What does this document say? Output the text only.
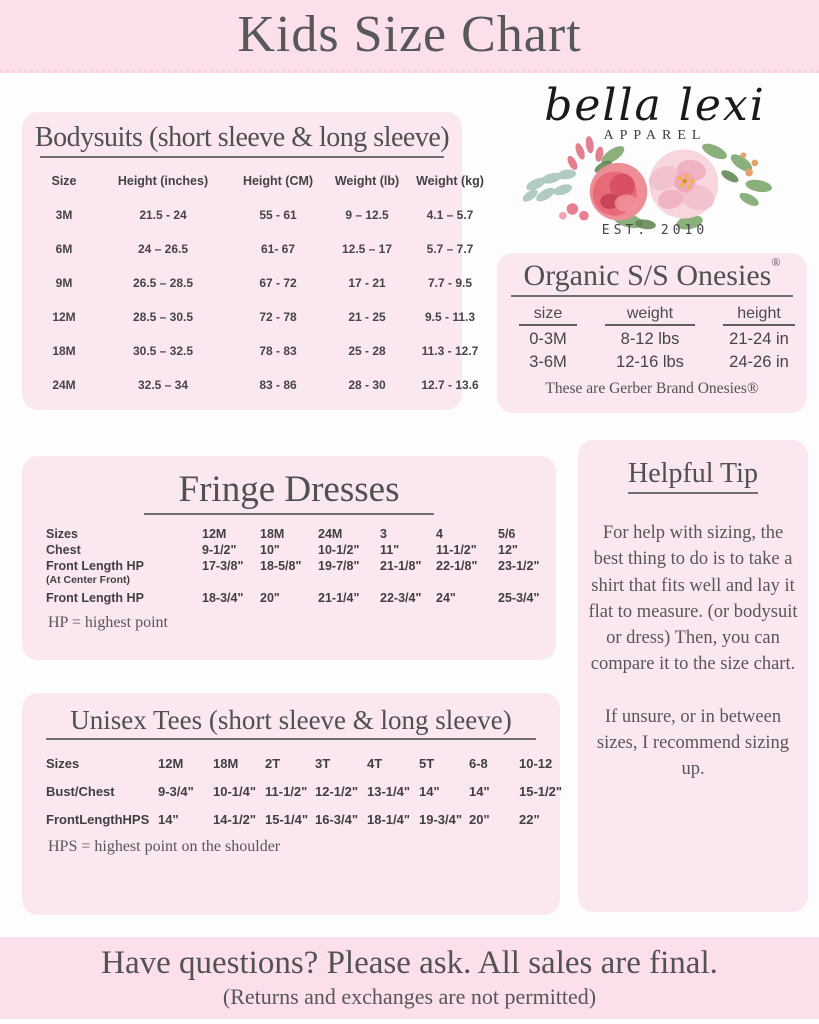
Kids Size Chart
Bodysuits (short sleeve & long sleeve)
Size	Height (inches)	Height (CM)	Weight (lb)	Weight (kg)
3M	21.5 - 24	55 - 61	9 – 12.5	4.1 – 5.7
6M	24 – 26.5	61- 67	12.5 – 17	5.7 – 7.7
9M	26.5 – 28.5	67 - 72	17 - 21	7.7 - 9.5
12M	28.5 – 30.5	72 - 78	21 - 25	9.5 - 11.3
18M	30.5 – 32.5	78 - 83	25 - 28	11.3 - 12.7
24M	32.5 – 34	83 - 86	28 - 30	12.7 - 13.6
bella lexi
APPAREL
EST. 2010
Organic S/S Onesies®
size	weight	height
0-3M	8-12 lbs	21-24 in
3-6M	12-16 lbs	24-26 in
These are Gerber Brand Onesies®
Fringe Dresses
Sizes	12M	18M	24M	3	4	5/6
Chest	9-1/2"	10"	10-1/2"	11"	11-1/2"	12"
Front Length HP	17-3/8"	18-5/8"	19-7/8"	21-1/8"	22-1/8"	23-1/2"
(At Center Front)
Front Length HP	18-3/4"	20"	21-1/4"	22-3/4"	24"	25-3/4"
HP = highest point
Helpful Tip

For help with sizing, the best thing to do is to take a shirt that fits well and lay it flat to measure. (or bodysuit or dress) Then, you can compare it to the size chart.

If unsure, or in between sizes, I recommend sizing up.

Unisex Tees (short sleeve & long sleeve)
Sizes	12M	18M	2T	3T	4T	5T	6-8	10-12
Bust/Chest	9-3/4"	10-1/4" 11-1/2" 12-1/2" 13-1/4" 14"	14"	15-1/2"
FrontLengthHPS 14"	14-1/2" 15-1/4" 16-3/4" 18-1/4" 19-3/4" 20"	22"
HPS = highest point on the shoulder
Have questions? Please ask. All sales are final.
(Returns and exchanges are not permitted)
